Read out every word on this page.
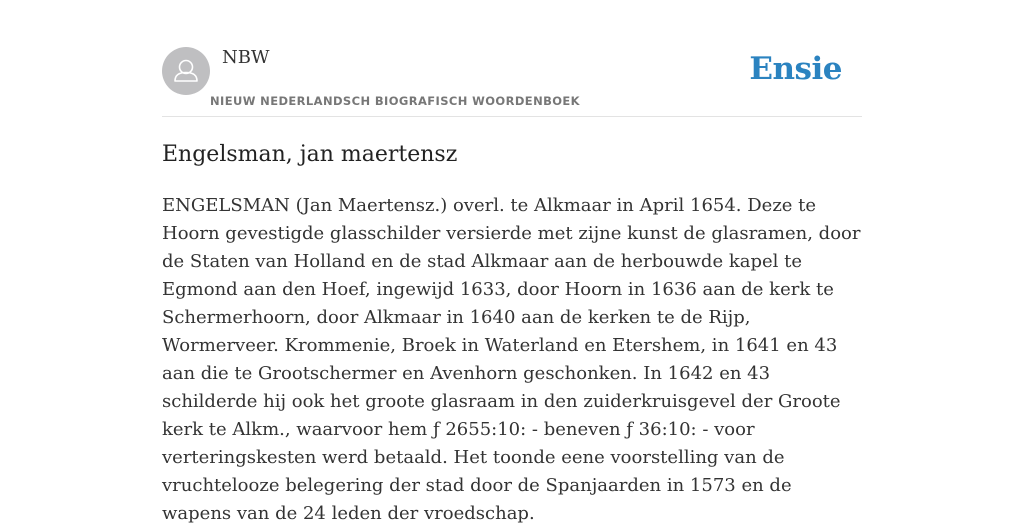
NBW
NIEUW NEDERLANDSCH BIOGRAFISCH WOORDENBOEK
Ensie
Engelsman, jan maertensz

ENGELSMAN (Jan Maertensz.) overl. te Alkmaar in April 1654. Deze te Hoorn gevestigde glasschilder versierde met zijne kunst de glasramen, door de Staten van Holland en de stad Alkmaar aan de herbouwde kapel te Egmond aan den Hoef, ingewijd 1633, door Hoorn in 1636 aan de kerk te Schermerhoorn, door Alkmaar in 1640 aan de kerken te de Rijp, Wormerveer. Krommenie, Broek in Waterland en Etershem, in 1641 en 43 aan die te Grootschermer en Avenhorn geschonken. In 1642 en 43 schilderde hij ook het groote glasraam in den zuiderkruisgevel der Groote kerk te Alkm., waarvoor hem ƒ 2655:10: - beneven ƒ 36:10: - voor verteringskesten werd betaald. Het toonde eene voorstelling van de vruchtelooze belegering der stad door de Spanjaarden in 1573 en de wapens van de 24 leden der vroedschap.
